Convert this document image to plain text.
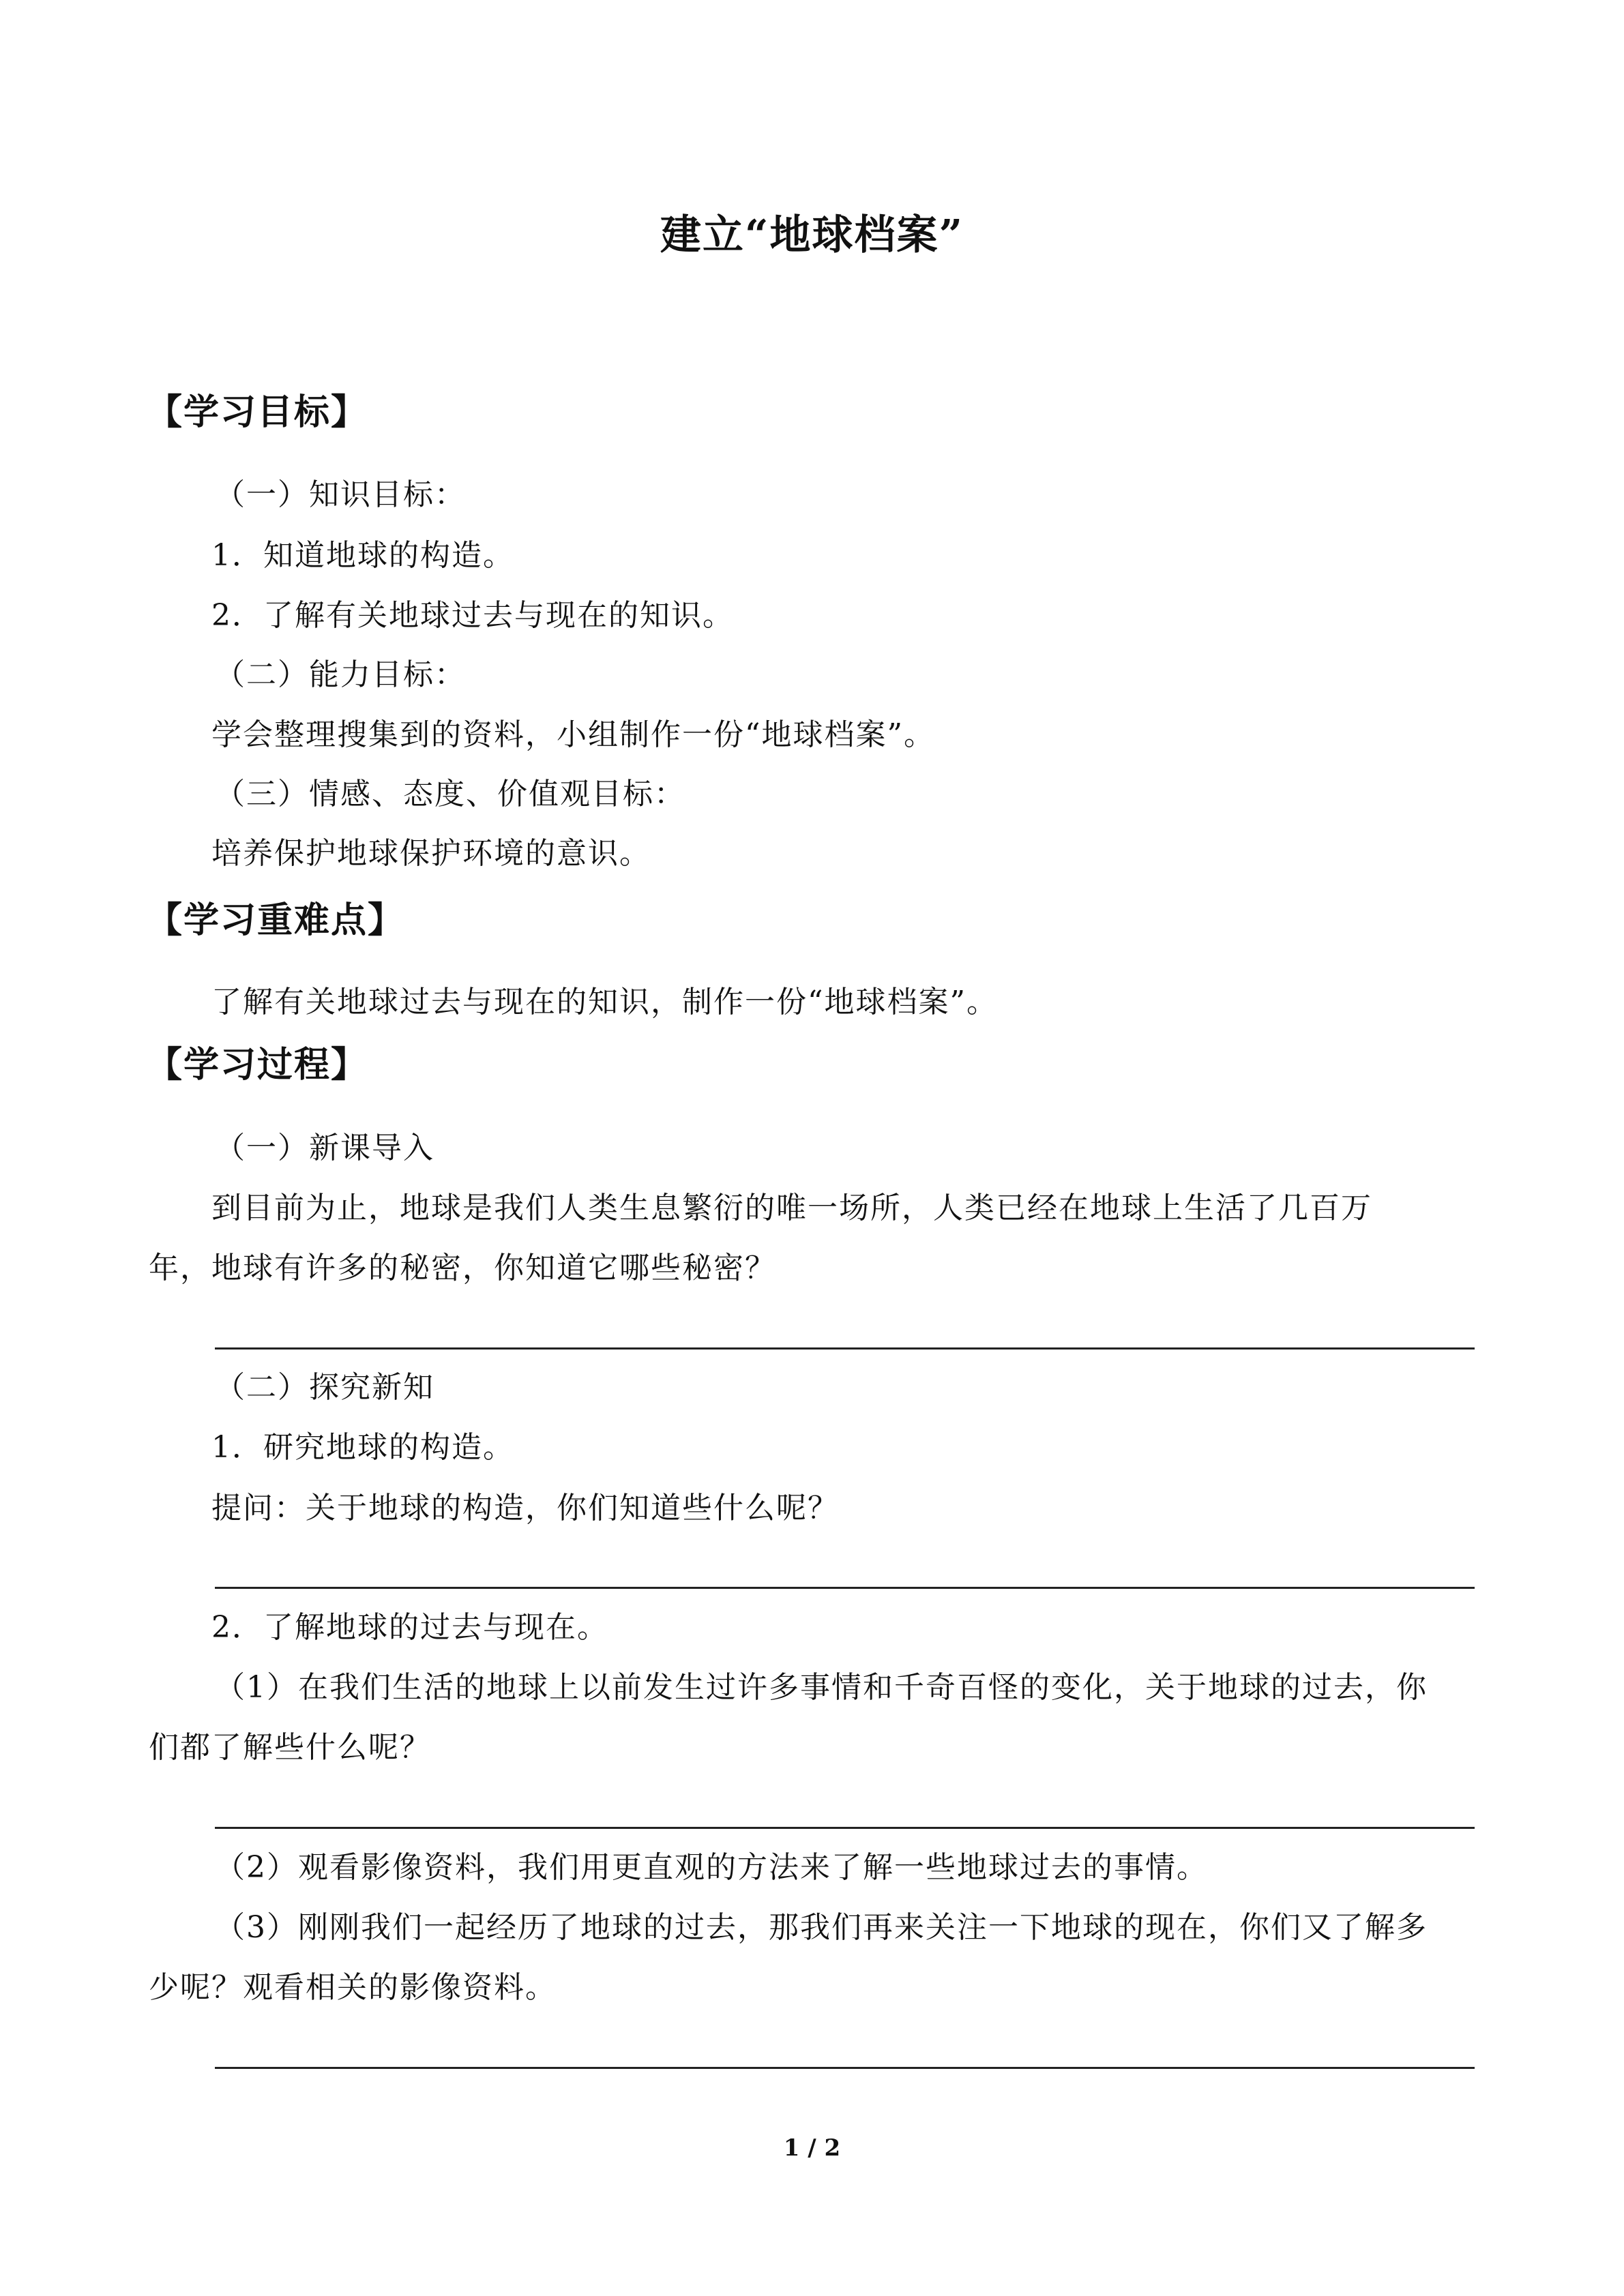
建立“地球档案”
【学习目标】
（一）知识目标：
1．知道地球的构造。
2．了解有关地球过去与现在的知识。
（二）能力目标：
学会整理搜集到的资料，小组制作一份“地球档案”。
（三）情感、态度、价值观目标：
培养保护地球保护环境的意识。
【学习重难点】
了解有关地球过去与现在的知识，制作一份“地球档案”。
【学习过程】
（一）新课导入
到目前为止，地球是我们人类生息繁衍的唯一场所，人类已经在地球上生活了几百万
年，地球有许多的秘密，你知道它哪些秘密？
（二）探究新知
1．研究地球的构造。
提问：关于地球的构造，你们知道些什么呢？
2．了解地球的过去与现在。
（1）在我们生活的地球上以前发生过许多事情和千奇百怪的变化，关于地球的过去，你
们都了解些什么呢？
（2）观看影像资料，我们用更直观的方法来了解一些地球过去的事情。
（3）刚刚我们一起经历了地球的过去，那我们再来关注一下地球的现在，你们又了解多
少呢？观看相关的影像资料。
1 / 2
